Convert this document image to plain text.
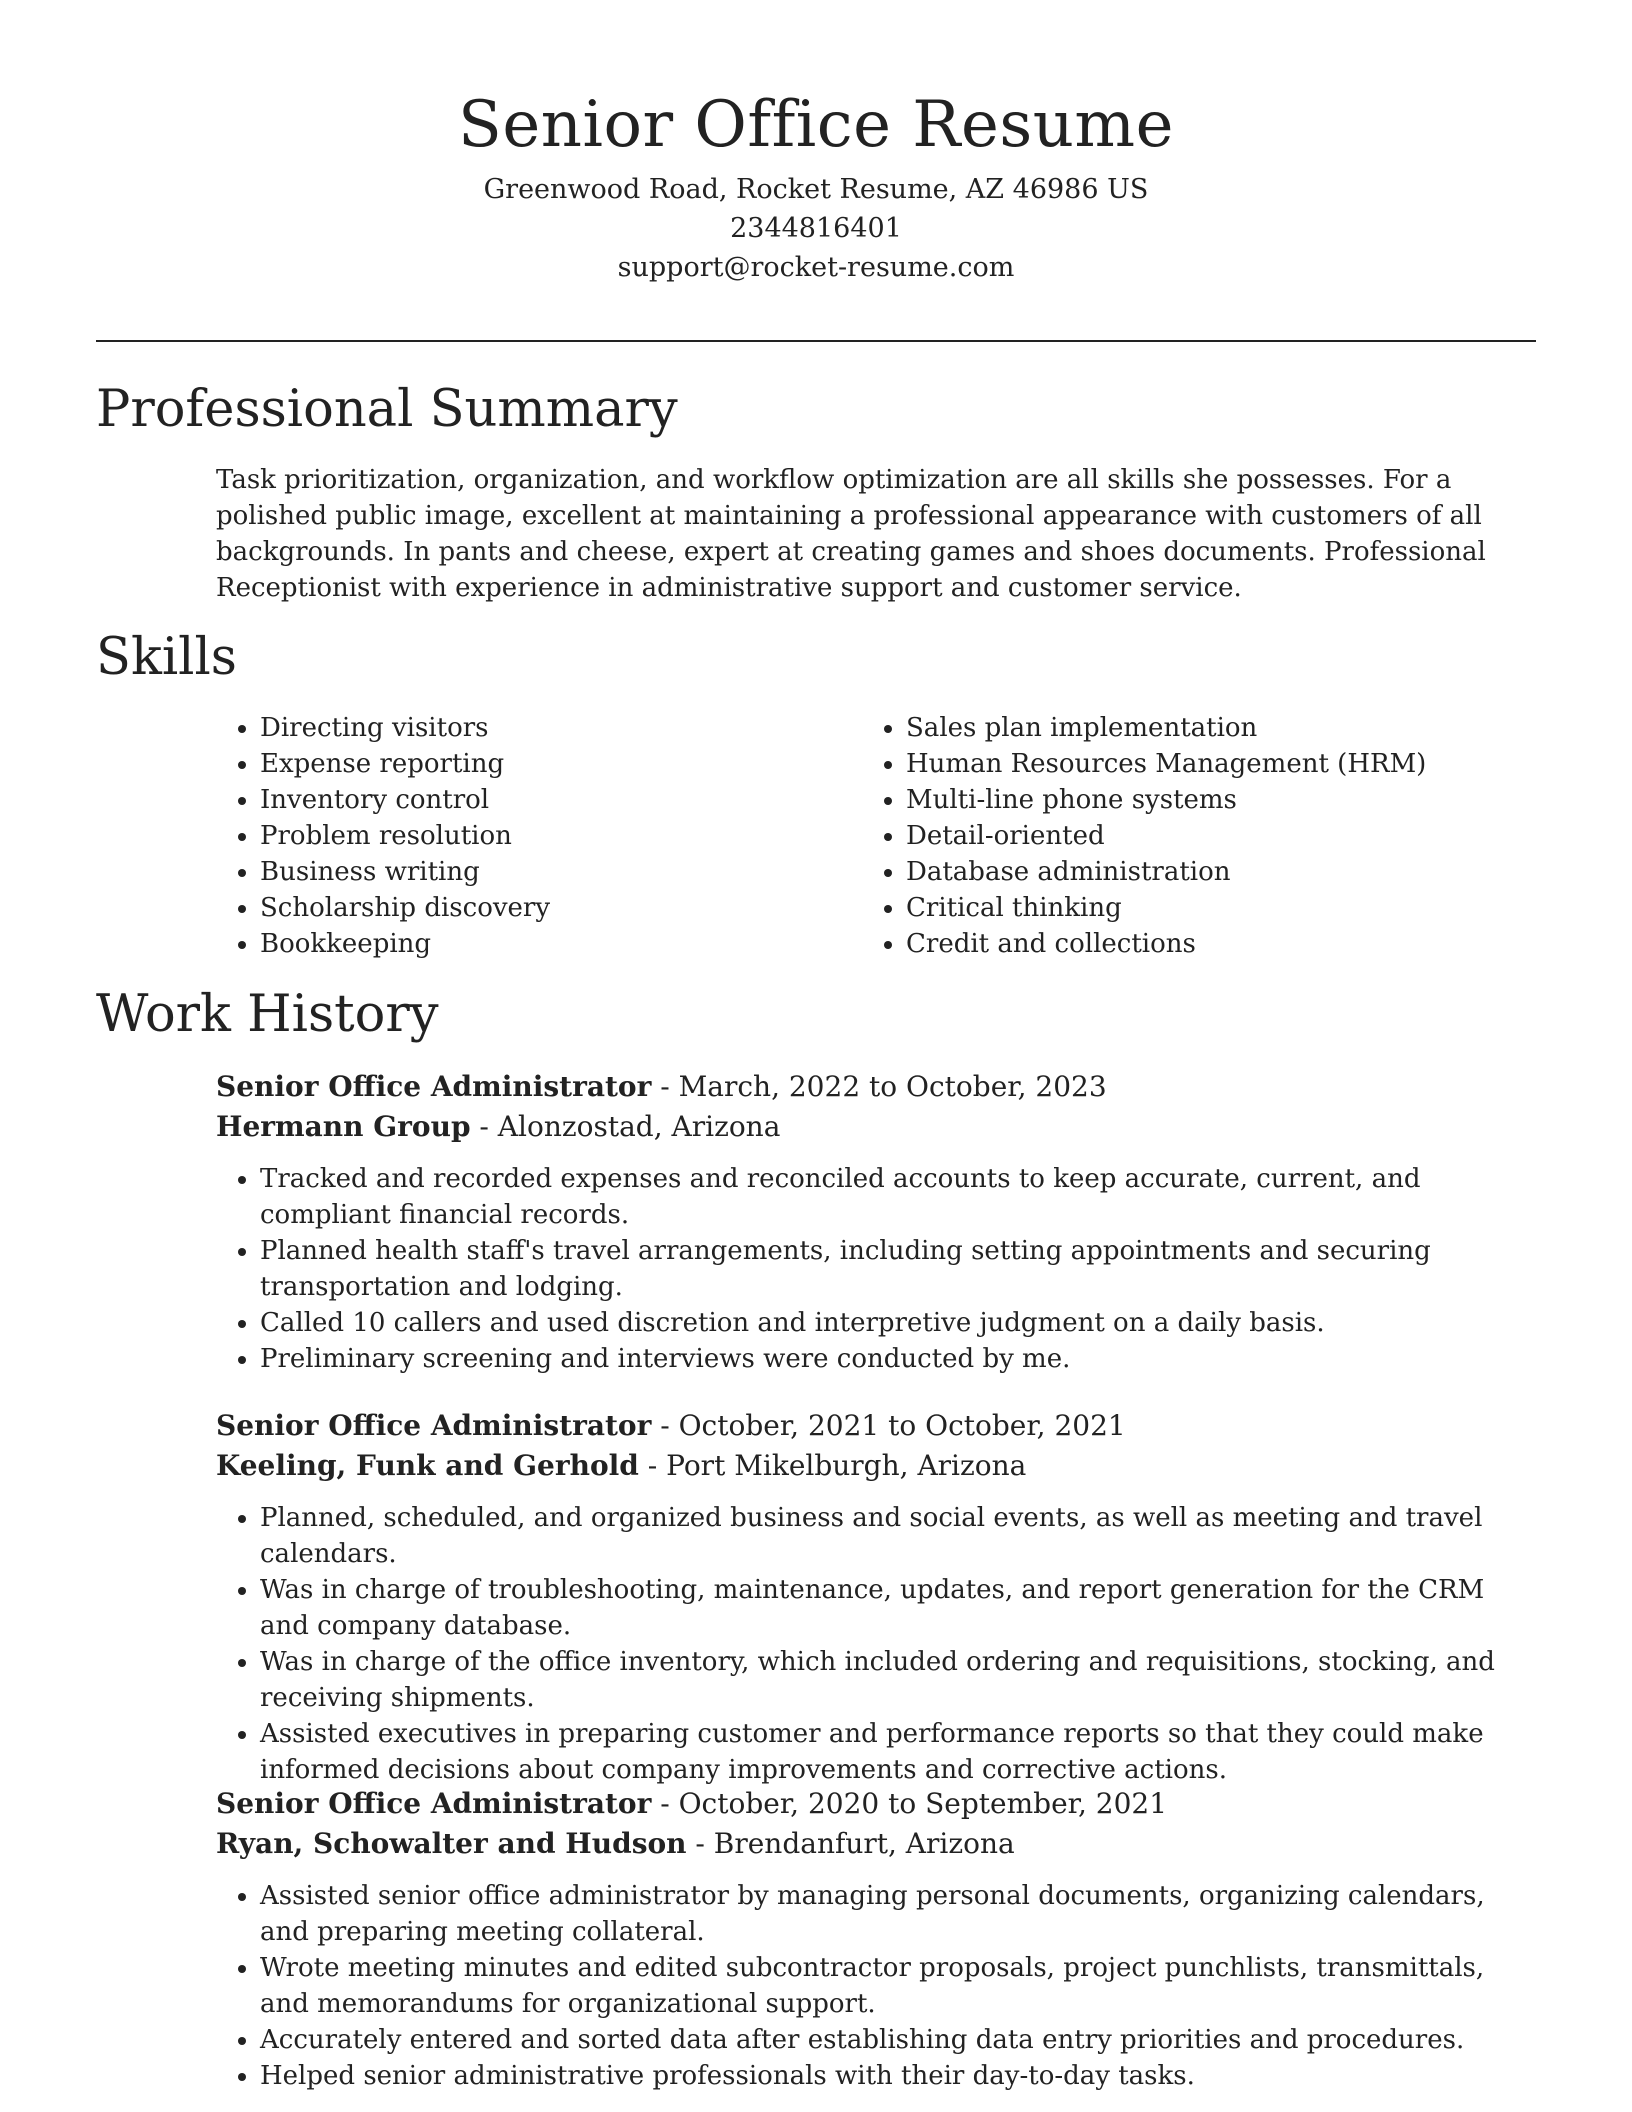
Senior Office Resume

Greenwood Road, Rocket Resume, AZ 46986 US

2344816401

support@rocket-resume.com

Professional Summary

Task prioritization, organization, and workflow optimization are all skills she possesses. For a polished public image, excellent at maintaining a professional appearance with customers of all backgrounds. In pants and cheese, expert at creating games and shoes documents. Professional Receptionist with experience in administrative support and customer service.

Skills
• Directing visitors
• Expense reporting
• Inventory control
• Problem resolution
• Business writing
• Scholarship discovery
• Bookkeeping
• Sales plan implementation
• Human Resources Management (HRM)
• Multi-line phone systems
• Detail-oriented
• Database administration
• Critical thinking
• Credit and collections
Work History

Senior Office Administrator - March, 2022 to October, 2023

Hermann Group - Alonzostad, Arizona

• Tracked and recorded expenses and reconciled accounts to keep accurate, current, and compliant financial records.
• Planned health staff's travel arrangements, including setting appointments and securing transportation and lodging.
• Called 10 callers and used discretion and interpretive judgment on a daily basis.
• Preliminary screening and interviews were conducted by me.

Senior Office Administrator - October, 2021 to October, 2021

Keeling, Funk and Gerhold - Port Mikelburgh, Arizona

• Planned, scheduled, and organized business and social events, as well as meeting and travel calendars.
• Was in charge of troubleshooting, maintenance, updates, and report generation for the CRM and company database.
• Was in charge of the office inventory, which included ordering and requisitions, stocking, and receiving shipments.
• Assisted executives in preparing customer and performance reports so that they could make informed decisions about company improvements and corrective actions.

Senior Office Administrator - October, 2020 to September, 2021

Ryan, Schowalter and Hudson - Brendanfurt, Arizona

• Assisted senior office administrator by managing personal documents, organizing calendars, and preparing meeting collateral.
• Wrote meeting minutes and edited subcontractor proposals, project punchlists, transmittals, and memorandums for organizational support.
• Accurately entered and sorted data after establishing data entry priorities and procedures.
• Helped senior administrative professionals with their day-to-day tasks.
